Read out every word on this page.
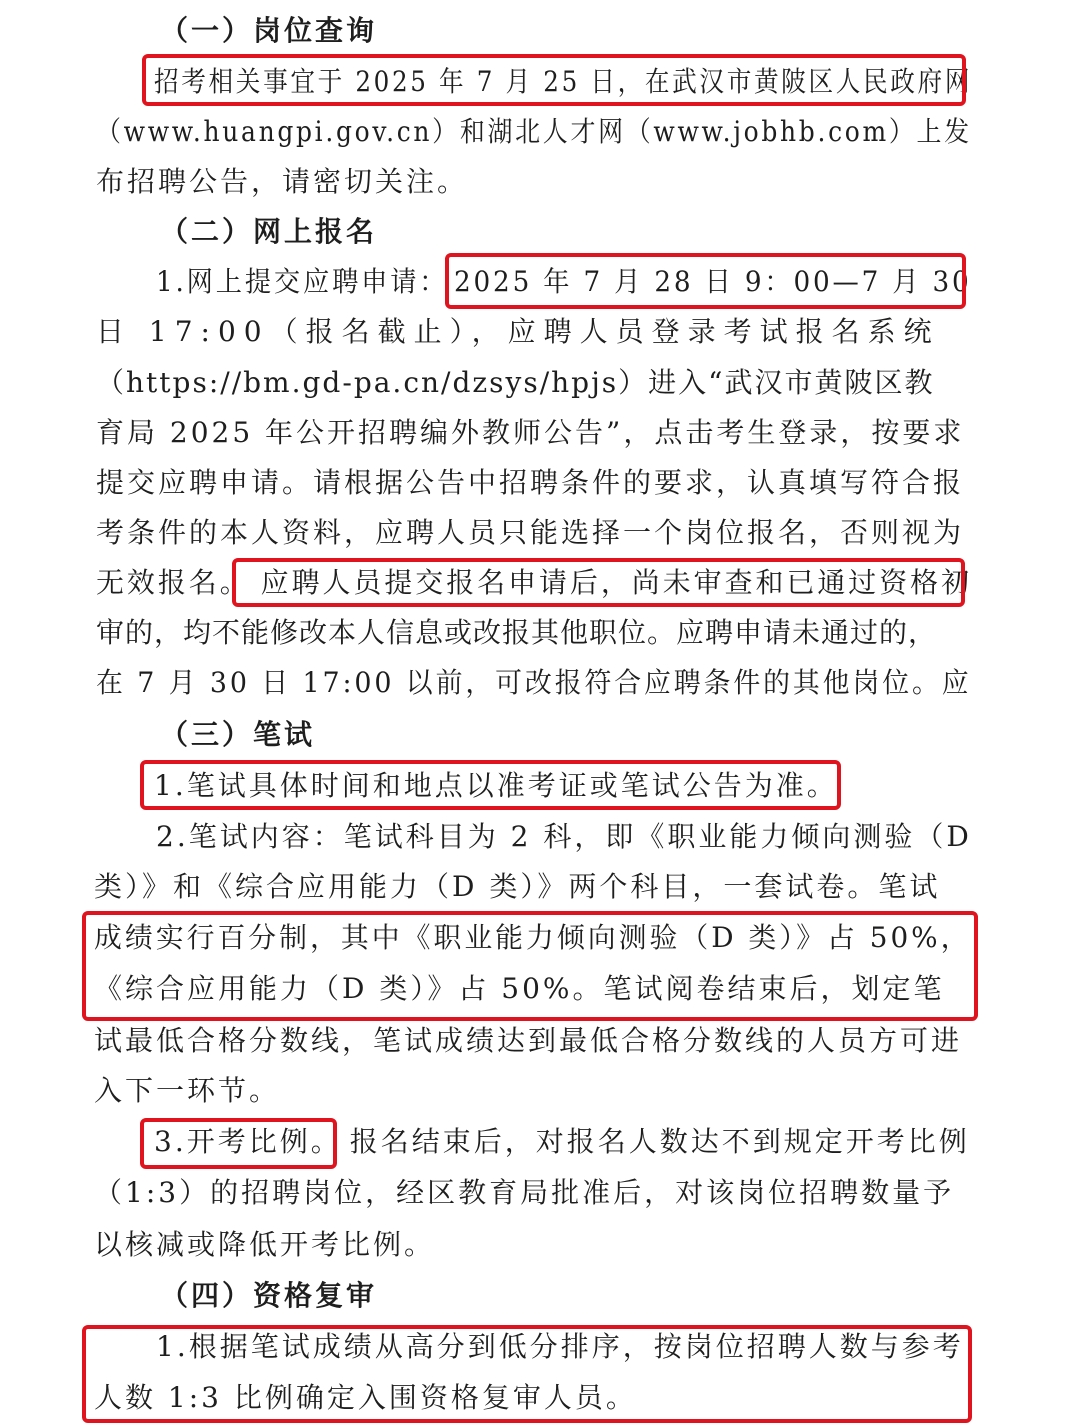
（一）岗位查询
招考相关事宜于 2025 年 7 月 25 日，在武汉市黄陂区人民政府网
（www.huangpi.gov.cn）和湖北人才网（www.jobhb.com）上发
布招聘公告，请密切关注。
（二）网上报名
1.网上提交应聘申请： 2025 年 7 月 28 日 9：00—7 月 30
日 17:00（报名截止），应聘人员登录考试报名系统
（https://bm.gd-pa.cn/dzsys/hpjs）进入“武汉市黄陂区教
育局 2025 年公开招聘编外教师公告”，点击考生登录，按要求
提交应聘申请。请根据公告中招聘条件的要求，认真填写符合报
考条件的本人资料，应聘人员只能选择一个岗位报名，否则视为
无效报名。 应聘人员提交报名申请后，尚未审查和已通过资格初
审的，均不能修改本人信息或改报其他职位。应聘申请未通过的，
在 7 月 30 日 17:00 以前，可改报符合应聘条件的其他岗位。应
（三）笔试
1.笔试具体时间和地点以准考证或笔试公告为准。
2.笔试内容：笔试科目为 2 科，即《职业能力倾向测验（D
类）》和《综合应用能力（D 类）》两个科目，一套试卷。笔试
成绩实行百分制，其中《职业能力倾向测验（D 类）》占 50%，
《综合应用能力（D 类）》占 50%。笔试阅卷结束后，划定笔
试最低合格分数线，笔试成绩达到最低合格分数线的人员方可进
入下一环节。
3.开考比例。 报名结束后，对报名人数达不到规定开考比例
（1:3）的招聘岗位，经区教育局批准后，对该岗位招聘数量予
以核减或降低开考比例。
（四）资格复审
1.根据笔试成绩从高分到低分排序，按岗位招聘人数与参考
人数 1:3 比例确定入围资格复审人员。
